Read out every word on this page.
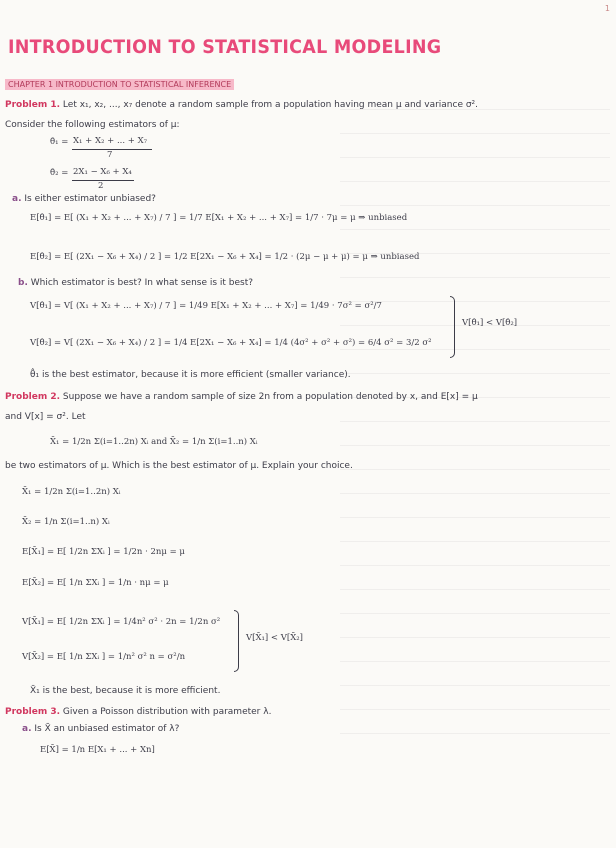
1
INTRODUCTION TO STATISTICAL MODELING
CHAPTER 1 INTRODUCTION TO STATISTICAL INFERENCE
Problem 1. Let x₁, x₂, ..., x₇ denote a random sample from a population having mean μ and variance σ².
Consider the following estimators of μ:
θ̂₁ = X₁ + X₂ + ... + X₇
7
θ̂₂ = 2X₁ − X₆ + X₄
2
a. Is either estimator unbiased?
E[θ̂₁] = E[ (X₁ + X₂ + ... + X₇) / 7 ] = 1/7 E[X₁ + X₂ + ... + X₇] = 1/7 · 7μ = μ ⇒ unbiased
E[θ̂₂] = E[ (2X₁ − X₆ + X₄) / 2 ] = 1/2 E[2X₁ − X₆ + X₄] = 1/2 · (2μ − μ + μ) = μ ⇒ unbiased
b. Which estimator is best? In what sense is it best?
V[θ̂₁] = V[ (X₁ + X₂ + ... + X₇) / 7 ] = 1/49 E[X₁ + X₂ + ... + X₇] = 1/49 · 7σ² = σ²/7
V[θ̂₂] = V[ (2X₁ − X₆ + X₄) / 2 ] = 1/4 E[2X₁ − X₆ + X₄] = 1/4 (4σ² + σ² + σ²) = 6/4 σ² = 3/2 σ²
V[θ̂₁] < V[θ̂₂]
θ̂₁ is the best estimator, because it is more efficient (smaller variance).
Problem 2. Suppose we have a random sample of size 2n from a population denoted by x, and E[x] = μ
and V[x] = σ². Let
X̄₁ = 1/2n Σ(i=1..2n) Xᵢ and X̄₂ = 1/n Σ(i=1..n) Xᵢ
be two estimators of μ. Which is the best estimator of μ. Explain your choice.
X̄₁ = 1/2n Σ(i=1..2n) Xᵢ
X̄₂ = 1/n Σ(i=1..n) Xᵢ
E[X̄₁] = E[ 1/2n ΣXᵢ ] = 1/2n · 2nμ = μ
E[X̄₂] = E[ 1/n ΣXᵢ ] = 1/n · nμ = μ
V[X̄₁] = E[ 1/2n ΣXᵢ ] = 1/4n² σ² · 2n = 1/2n σ²
V[X̄₂] = E[ 1/n ΣXᵢ ] = 1/n² σ² n = σ²/n
V[X̄₁] < V[X̄₂]
X̄₁ is the best, because it is more efficient.
Problem 3. Given a Poisson distribution with parameter λ.
a. Is X̄ an unbiased estimator of λ?
E[X̄] = 1/n E[X₁ + ... + Xn]
